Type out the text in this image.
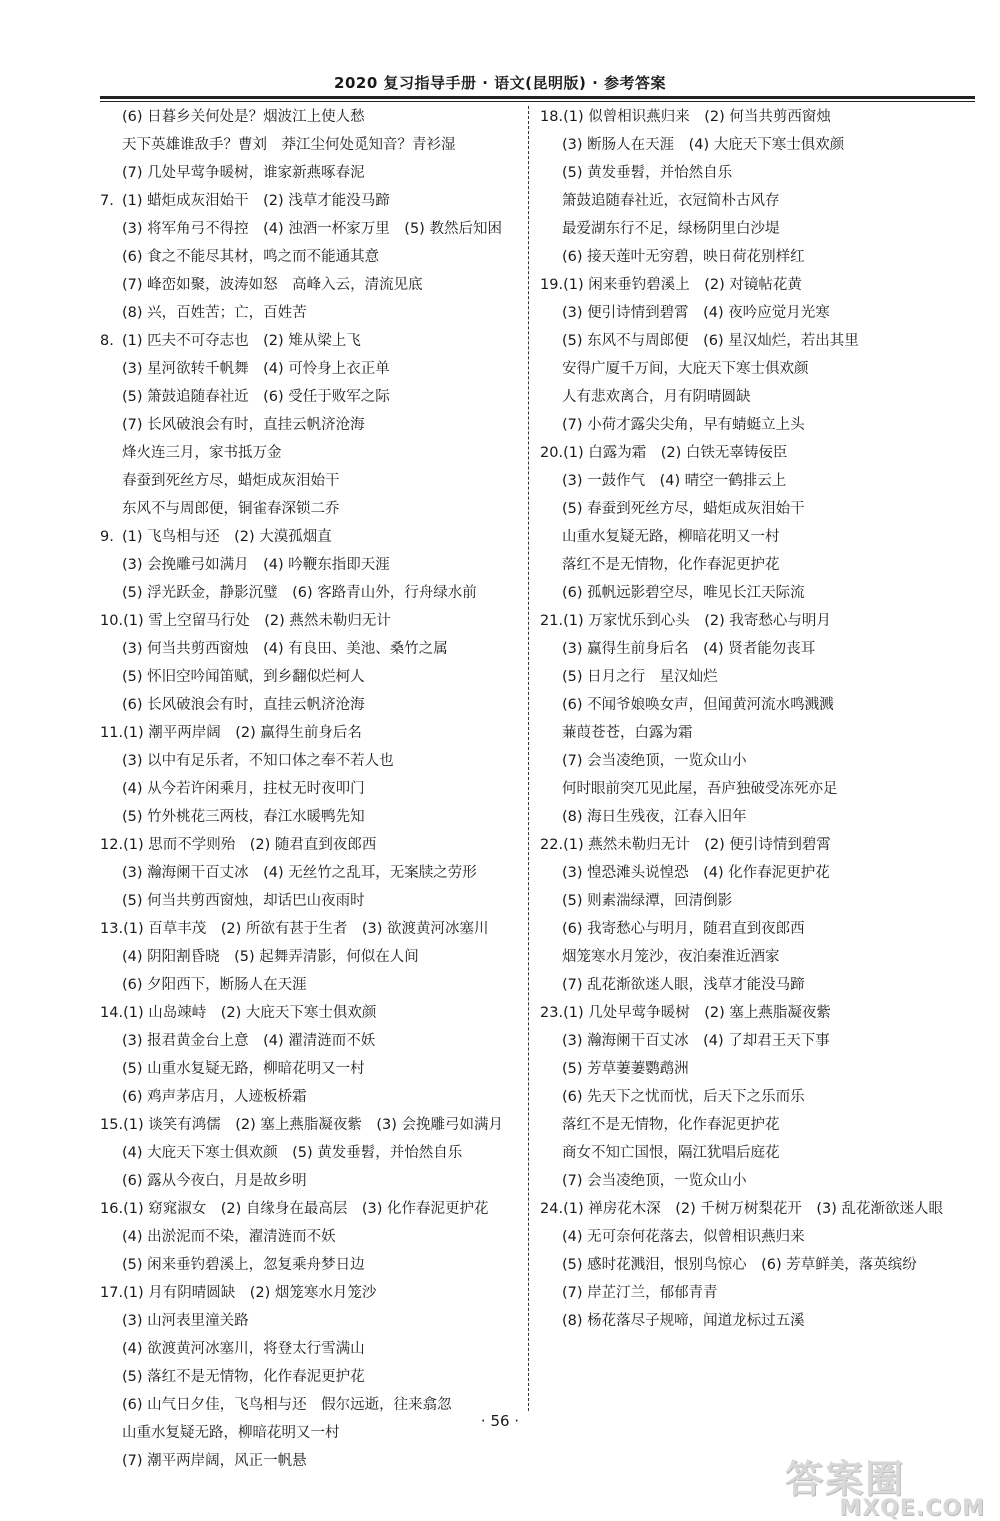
2020 复习指导手册 · 语文(昆明版) · 参考答案
(6) 日暮乡关何处是？烟波江上使人愁
天下英雄谁敌手？曹刘　莽江尘何处觅知音？青衫湿
(7) 几处早莺争暖树，谁家新燕啄春泥
7. (1) 蜡炬成灰泪始干　(2) 浅草才能没马蹄
(3) 将军角弓不得控　(4) 浊酒一杯家万里　(5) 教然后知困
(6) 食之不能尽其材，鸣之而不能通其意
(7) 峰峦如聚，波涛如怒　高峰入云，清流见底
(8) 兴，百姓苦；亡，百姓苦
8. (1) 匹夫不可夺志也　(2) 雉从梁上飞
(3) 星河欲转千帆舞　(4) 可怜身上衣正单
(5) 箫鼓追随春社近　(6) 受任于败军之际
(7) 长风破浪会有时，直挂云帆济沧海
烽火连三月，家书抵万金
春蚕到死丝方尽，蜡炬成灰泪始干
东风不与周郎便，铜雀春深锁二乔
9. (1) 飞鸟相与还　(2) 大漠孤烟直
(3) 会挽雕弓如满月　(4) 吟鞭东指即天涯
(5) 浮光跃金，静影沉璧　(6) 客路青山外，行舟绿水前
10.(1) 雪上空留马行处　(2) 燕然未勒归无计
(3) 何当共剪西窗烛　(4) 有良田、美池、桑竹之属
(5) 怀旧空吟闻笛赋，到乡翻似烂柯人
(6) 长风破浪会有时，直挂云帆济沧海
11.(1) 潮平两岸阔　(2) 赢得生前身后名
(3) 以中有足乐者，不知口体之奉不若人也
(4) 从今若许闲乘月，拄杖无时夜叩门
(5) 竹外桃花三两枝，春江水暖鸭先知
12.(1) 思而不学则殆　(2) 随君直到夜郎西
(3) 瀚海阑干百丈冰　(4) 无丝竹之乱耳，无案牍之劳形
(5) 何当共剪西窗烛，却话巴山夜雨时
13.(1) 百草丰茂　(2) 所欲有甚于生者　(3) 欲渡黄河冰塞川
(4) 阴阳割昏晓　(5) 起舞弄清影，何似在人间
(6) 夕阳西下，断肠人在天涯
14.(1) 山岛竦峙　(2) 大庇天下寒士俱欢颜
(3) 报君黄金台上意　(4) 濯清涟而不妖
(5) 山重水复疑无路，柳暗花明又一村
(6) 鸡声茅店月，人迹板桥霜
15.(1) 谈笑有鸿儒　(2) 塞上燕脂凝夜紫　(3) 会挽雕弓如满月
(4) 大庇天下寒士俱欢颜　(5) 黄发垂髫，并怡然自乐
(6) 露从今夜白，月是故乡明
16.(1) 窈窕淑女　(2) 自缘身在最高层　(3) 化作春泥更护花
(4) 出淤泥而不染，濯清涟而不妖
(5) 闲来垂钓碧溪上，忽复乘舟梦日边
17.(1) 月有阴晴圆缺　(2) 烟笼寒水月笼沙
(3) 山河表里潼关路
(4) 欲渡黄河冰塞川，将登太行雪满山
(5) 落红不是无情物，化作春泥更护花
(6) 山气日夕佳，飞鸟相与还　假尔远逝，往来翕忽
山重水复疑无路，柳暗花明又一村
(7) 潮平两岸阔，风正一帆悬
18.(1) 似曾相识燕归来　(2) 何当共剪西窗烛
(3) 断肠人在天涯　(4) 大庇天下寒士俱欢颜
(5) 黄发垂髫，并怡然自乐
箫鼓追随春社近，衣冠简朴古风存
最爱湖东行不足，绿杨阴里白沙堤
(6) 接天莲叶无穷碧，映日荷花别样红
19.(1) 闲来垂钓碧溪上　(2) 对镜帖花黄
(3) 便引诗情到碧霄　(4) 夜吟应觉月光寒
(5) 东风不与周郎便　(6) 星汉灿烂，若出其里
安得广厦千万间，大庇天下寒士俱欢颜
人有悲欢离合，月有阴晴圆缺
(7) 小荷才露尖尖角，早有蜻蜓立上头
20.(1) 白露为霜　(2) 白铁无辜铸佞臣
(3) 一鼓作气　(4) 晴空一鹤排云上
(5) 春蚕到死丝方尽，蜡炬成灰泪始干
山重水复疑无路，柳暗花明又一村
落红不是无情物，化作春泥更护花
(6) 孤帆远影碧空尽，唯见长江天际流
21.(1) 万家忧乐到心头　(2) 我寄愁心与明月
(3) 赢得生前身后名　(4) 贤者能勿丧耳
(5) 日月之行　星汉灿烂
(6) 不闻爷娘唤女声，但闻黄河流水鸣溅溅
蒹葭苍苍，白露为霜
(7) 会当凌绝顶，一览众山小
何时眼前突兀见此屋，吾庐独破受冻死亦足
(8) 海日生残夜，江春入旧年
22.(1) 燕然未勒归无计　(2) 便引诗情到碧霄
(3) 惶恐滩头说惶恐　(4) 化作春泥更护花
(5) 则素湍绿潭，回清倒影
(6) 我寄愁心与明月，随君直到夜郎西
烟笼寒水月笼沙，夜泊秦淮近酒家
(7) 乱花渐欲迷人眼，浅草才能没马蹄
23.(1) 几处早莺争暖树　(2) 塞上燕脂凝夜紫
(3) 瀚海阑干百丈冰　(4) 了却君王天下事
(5) 芳草萋萋鹦鹉洲
(6) 先天下之忧而忧，后天下之乐而乐
落红不是无情物，化作春泥更护花
商女不知亡国恨，隔江犹唱后庭花
(7) 会当凌绝顶，一览众山小
24.(1) 禅房花木深　(2) 千树万树梨花开　(3) 乱花渐欲迷人眼
(4) 无可奈何花落去，似曾相识燕归来
(5) 感时花溅泪，恨别鸟惊心　(6) 芳草鲜美，落英缤纷
(7) 岸芷汀兰，郁郁青青
(8) 杨花落尽子规啼，闻道龙标过五溪
· 56 ·
答案圈
MXQE.COM
